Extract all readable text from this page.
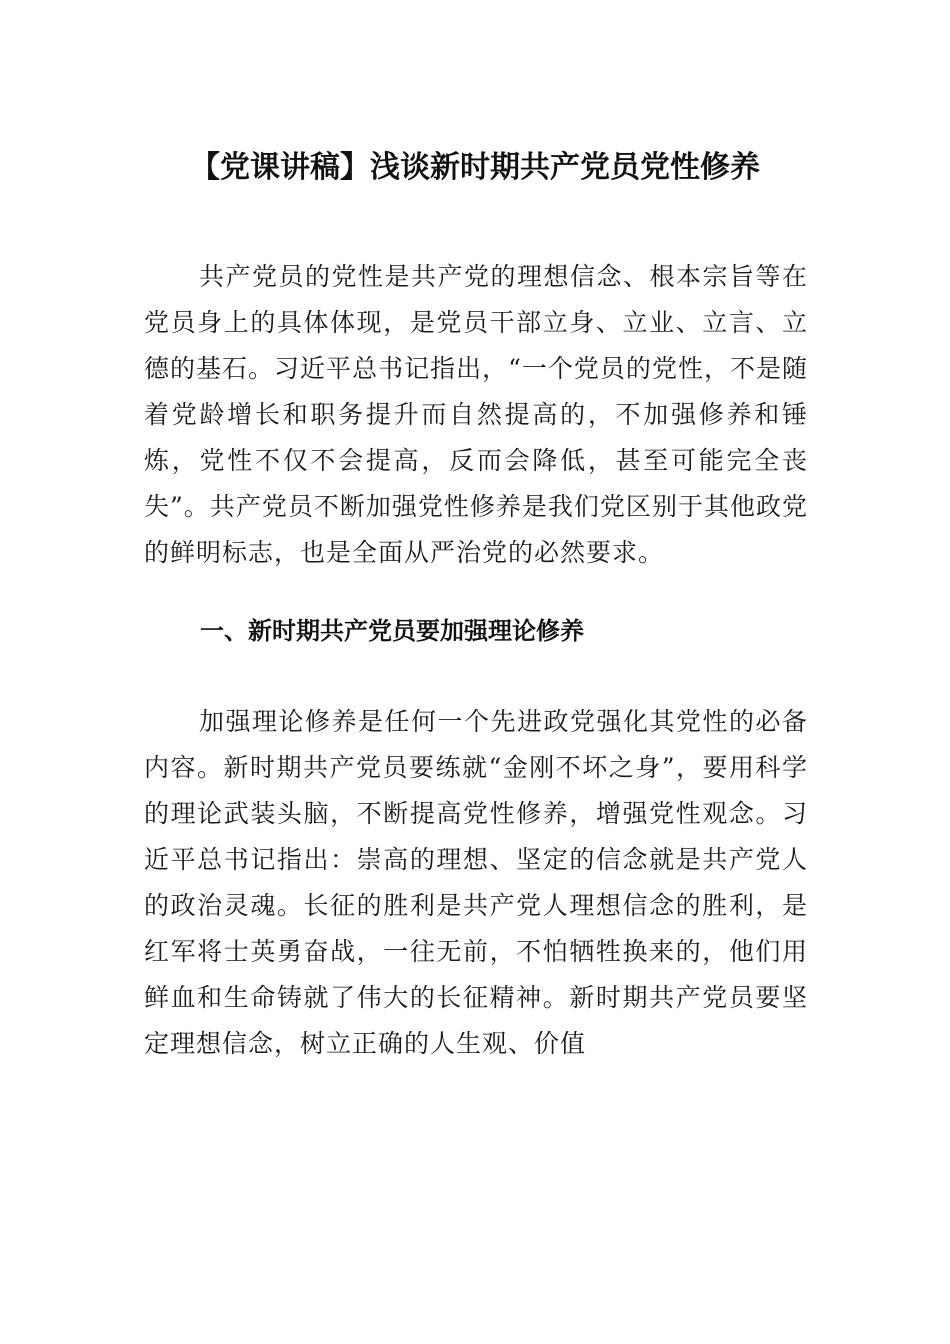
【党课讲稿】浅谈新时期共产党员党性修养

共产党员的党性是共产党的理想信念、根本宗旨等在党员身上的具体体现，是党员干部立身、立业、立言、立德的基石。习近平总书记指出，“一个党员的党性，不是随着党龄增长和职务提升而自然提高的，不加强修养和锤炼，党性不仅不会提高，反而会降低，甚至可能完全丧失”。共产党员不断加强党性修养是我们党区别于其他政党的鲜明标志，也是全面从严治党的必然要求。

一、新时期共产党员要加强理论修养

加强理论修养是任何一个先进政党强化其党性的必备内容。新时期共产党员要练就“金刚不坏之身”，要用科学的理论武装头脑，不断提高党性修养，增强党性观念。习近平总书记指出：崇高的理想、坚定的信念就是共产党人的政治灵魂。长征的胜利是共产党人理想信念的胜利，是红军将士英勇奋战，一往无前，不怕牺牲换来的，他们用鲜血和生命铸就了伟大的长征精神。新时期共产党员要坚定理想信念，树立正确的人生观、价值
